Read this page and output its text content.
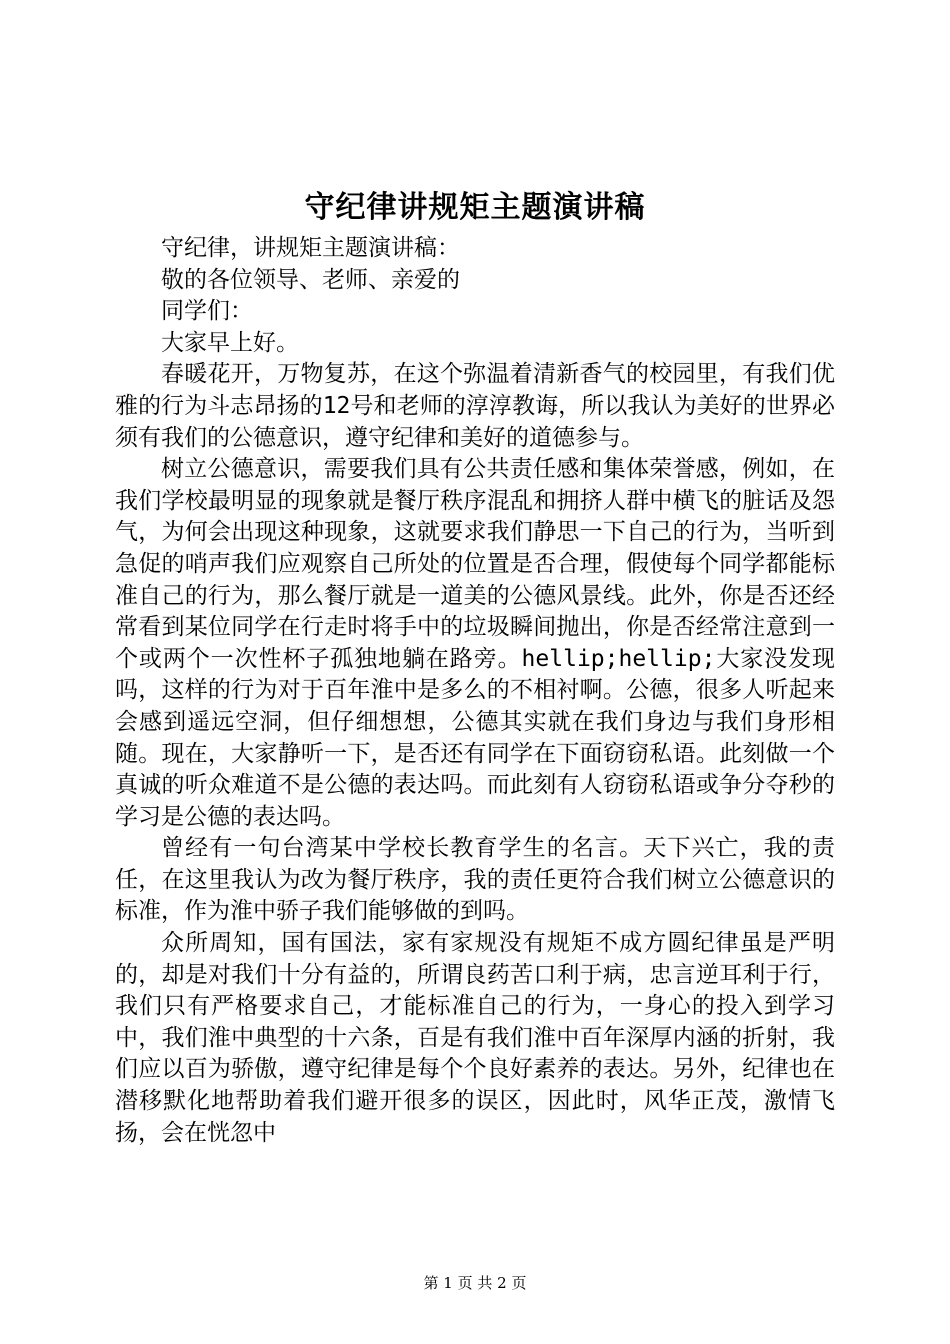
守纪律讲规矩主题演讲稿

守纪律，讲规矩主题演讲稿：

敬的各位领导、老师、亲爱的

同学们：

大家早上好。

春暖花开，万物复苏，在这个弥温着清新香气的校园里，有我们优雅的行为斗志昂扬的12号和老师的淳淳教诲，所以我认为美好的世界必须有我们的公德意识，遵守纪律和美好的道德参与。

树立公德意识，需要我们具有公共责任感和集体荣誉感，例如，在我们学校最明显的现象就是餐厅秩序混乱和拥挤人群中横飞的脏话及怨气，为何会出现这种现象，这就要求我们静思一下自己的行为，当听到急促的哨声我们应观察自己所处的位置是否合理，假使每个同学都能标准自己的行为，那么餐厅就是一道美的公德风景线。此外，你是否还经常看到某位同学在行走时将手中的垃圾瞬间抛出，你是否经常注意到一个或两个一次性杯子孤独地躺在路旁。hellip;hellip;大家没发现吗，这样的行为对于百年淮中是多么的不相衬啊。公德，很多人听起来会感到遥远空洞，但仔细想想，公德其实就在我们身边与我们身形相随。现在，大家静听一下，是否还有同学在下面窃窃私语。此刻做一个真诚的听众难道不是公德的表达吗。而此刻有人窃窃私语或争分夺秒的学习是公德的表达吗。

曾经有一句台湾某中学校长教育学生的名言。天下兴亡，我的责任，在这里我认为改为餐厅秩序，我的责任更符合我们树立公德意识的标准，作为淮中骄子我们能够做的到吗。

众所周知，国有国法，家有家规没有规矩不成方圆纪律虽是严明的，却是对我们十分有益的，所谓良药苦口利于病，忠言逆耳利于行，我们只有严格要求自己，才能标准自己的行为，一身心的投入到学习中，我们淮中典型的十六条，百是有我们淮中百年深厚内涵的折射，我们应以百为骄傲，遵守纪律是每个个良好素养的表达。另外，纪律也在潜移默化地帮助着我们避开很多的误区，因此时，风华正茂，激情飞扬，会在恍忽中

第 1 页 共 2 页
